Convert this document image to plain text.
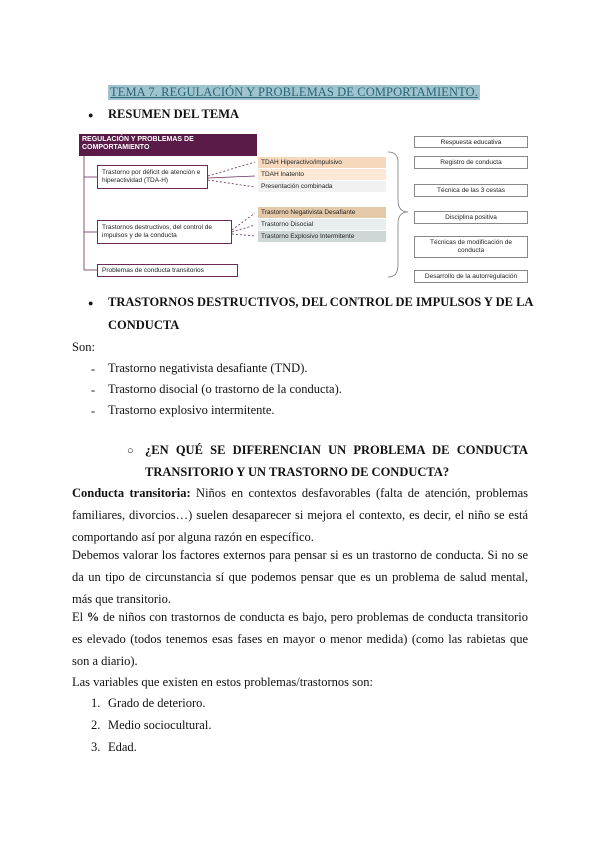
TEMA 7. REGULACIÓN Y PROBLEMAS DE COMPORTAMIENTO.
● RESUMEN DEL TEMA
REGULACIÓN Y PROBLEMAS DE COMPORTAMIENTO
Trastorno por déficit de atención e hiperactividad (TDA-H)
Trastornos destructivos, del control de impulsos y de la conducta
Problemas de conducta transitorios
TDAH Hiperactivo/impulsivo
TDAH Inatento
Presentación combinada
Trastorno Negativista Desafiante
Trastorno Disocial
Trastorno Explosivo Intermitente
Respuesta educativa
Registro de conducta
Técnica de las 3 cestas
Disciplina positiva
Técnicas de modificación de conducta
Desarrollo de la autorregulación
● TRASTORNOS DESTRUCTIVOS, DEL CONTROL DE IMPULSOS Y DE LA
CONDUCTA
Son:
- Trastorno negativista desafiante (TND).
- Trastorno disocial (o trastorno de la conducta).
- Trastorno explosivo intermitente.
○ ¿EN QUÉ SE DIFERENCIAN UN PROBLEMA DE CONDUCTA
TRANSITORIO Y UN TRASTORNO DE CONDUCTA?
Conducta transitoria: Niños en contextos desfavorables (falta de atención, problemas familiares, divorcios…) suelen desaparecer si mejora el contexto, es decir, el niño se está comportando así por alguna razón en específico.
Debemos valorar los factores externos para pensar si es un trastorno de conducta. Si no se da un tipo de circunstancia sí que podemos pensar que es un problema de salud mental, más que transitorio.
El % de niños con trastornos de conducta es bajo, pero problemas de conducta transitorio es elevado (todos tenemos esas fases en mayor o menor medida) (como las rabietas que son a diario).
Las variables que existen en estos problemas/trastornos son:
1. Grado de deterioro.
2. Medio sociocultural.
3. Edad.
